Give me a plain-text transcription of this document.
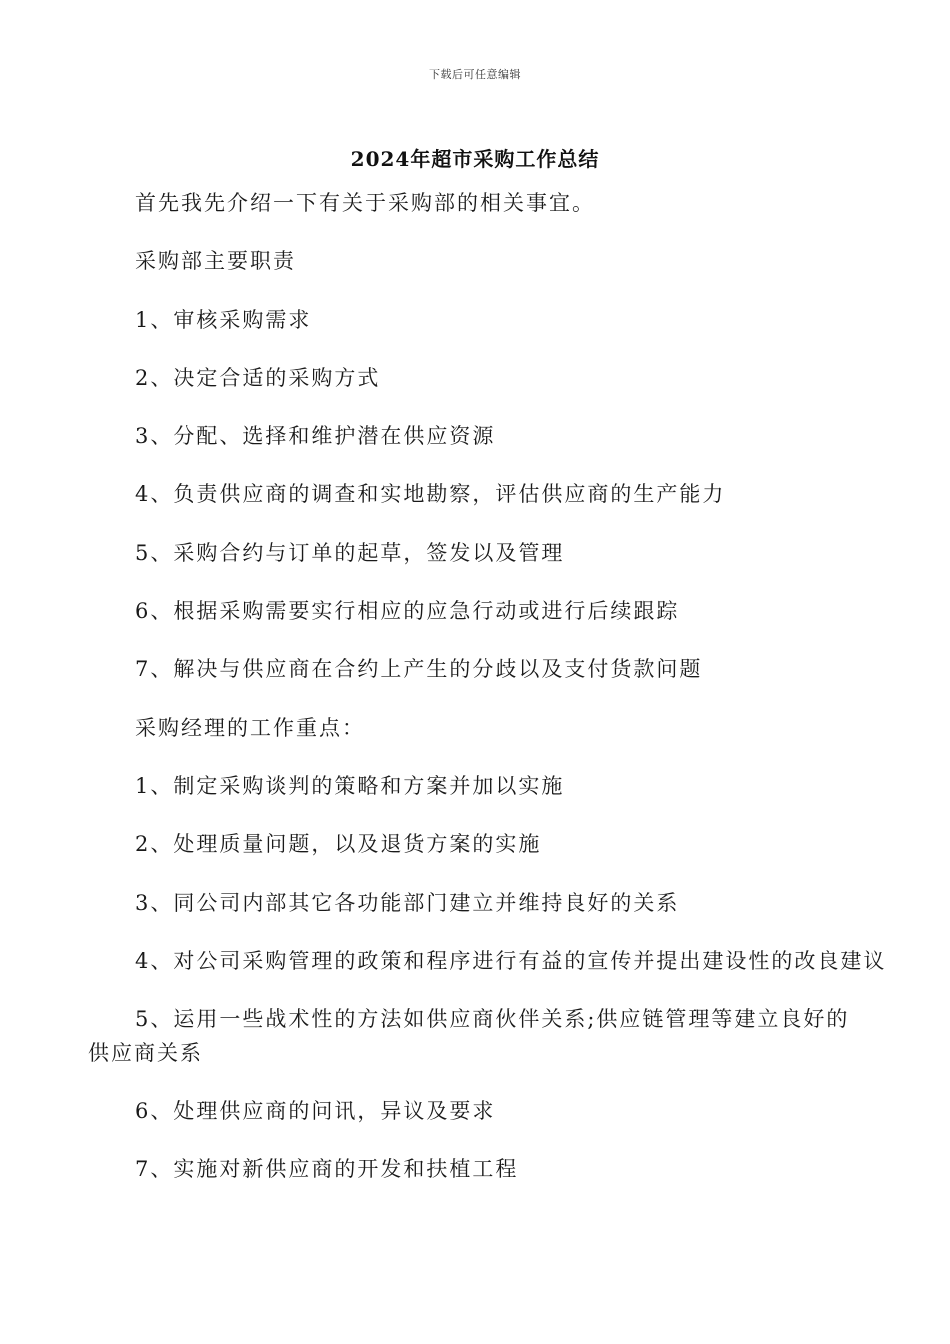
下载后可任意编辑
2024年超市采购工作总结

首先我先介绍一下有关于采购部的相关事宜。

采购部主要职责

1、审核采购需求

2、决定合适的采购方式

3、分配、选择和维护潜在供应资源

4、负责供应商的调查和实地勘察，评估供应商的生产能力

5、采购合约与订单的起草，签发以及管理

6、根据采购需要实行相应的应急行动或进行后续跟踪

7、解决与供应商在合约上产生的分歧以及支付货款问题

采购经理的工作重点：

1、制定采购谈判的策略和方案并加以实施

2、处理质量问题，以及退货方案的实施

3、同公司内部其它各功能部门建立并维持良好的关系

4、对公司采购管理的政策和程序进行有益的宣传并提出建设性的改良建议

5、运用一些战术性的方法如供应商伙伴关系;供应链管理等建立良好的供应商关系

6、处理供应商的问讯，异议及要求

7、实施对新供应商的开发和扶植工程
